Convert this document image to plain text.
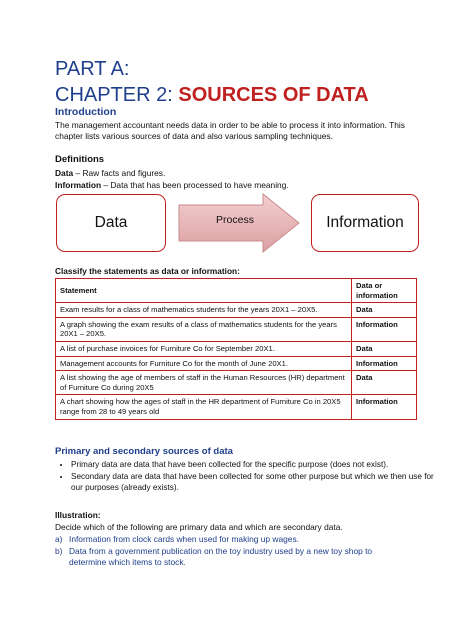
PART A:
CHAPTER 2: SOURCES OF DATA
Introduction
The management accountant needs data in order to be able to process it into information. This chapter lists various sources of data and also various sampling techniques.
Definitions
Data – Raw facts and figures.
Information – Data that has been processed to have meaning.
Data	Process	Information
Classify the statements as data or information:
Statement	Data or information
Exam results for a class of mathematics students for the years 20X1 – 20X5.	Data
A graph showing the exam results of a class of mathematics students for the years 20X1 – 20X5.	Information
A list of purchase invoices for Furniture Co for September 20X1.	Data
Management accounts for Furniture Co for the month of June 20X1.	Information
A list showing the age of members of staff in the Human Resources (HR) department of Furniture Co during 20X5	Data
A chart showing how the ages of staff in the HR department of Furniture Co in 20X5 range from 28 to 49 years old	Information
Primary and secondary sources of data
• Primary data are data that have been collected for the specific purpose (does not exist).
• Secondary data are data that have been collected for some other purpose but which we then use for our purposes (already exists).
Illustration:
Decide which of the following are primary data and which are secondary data.
a) Information from clock cards when used for making up wages.
b) Data from a government publication on the toy industry used by a new toy shop to
determine which items to stock.
